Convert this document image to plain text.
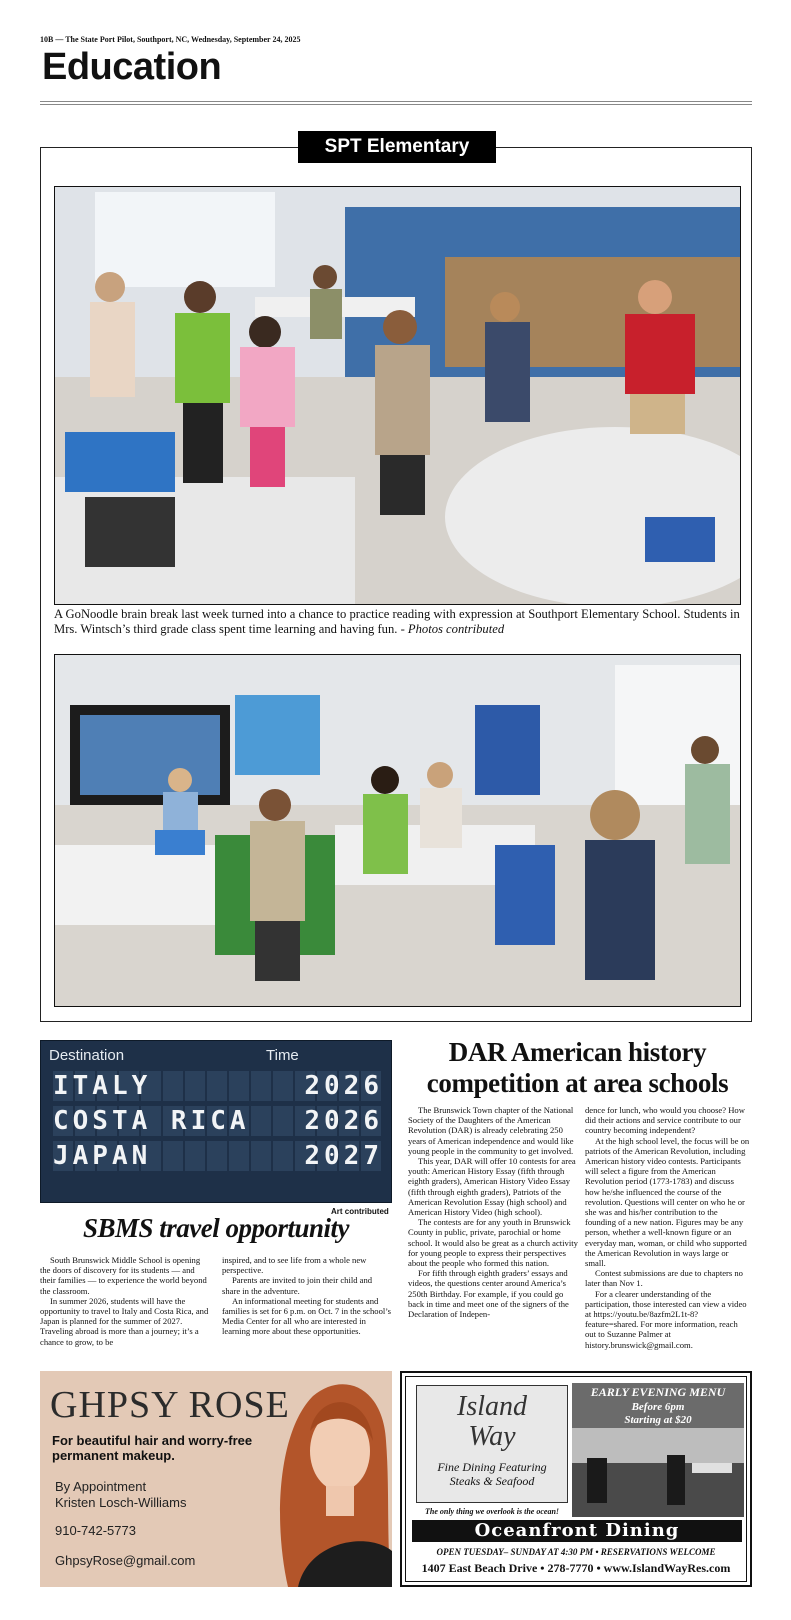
10B — The State Port Pilot, Southport, NC, Wednesday, September 24, 2025
Education
SPT Elementary
A GoNoodle brain break last week turned into a chance to practice reading with expression at Southport Elementary School. Students in Mrs. Wintsch’s third grade class spent time learning and having fun. - Photos contributed
Destination	Time
ITALY	2026
COSTA RICA 2026
JAPAN	2027
Art contributed
SBMS travel opportunity

South Brunswick Middle School is opening the doors of discovery for its students — and their families — to experience the world beyond the classroom.

In summer 2026, students will have the opportunity to travel to Italy and Costa Rica, and Japan is planned for the summer of 2027. Traveling abroad is more than a journey; it’s a chance to grow, to be

inspired, and to see life from a whole new perspective.

Parents are invited to join their child and share in the adventure.

An informational meeting for students and families is set for 6 p.m. on Oct. 7 in the school’s Media Center for all who are interested in learning more about these opportunities.

DAR American history competition at area schools

The Brunswick Town chapter of the National Society of the Daughters of the American Revolution (DAR) is already celebrating 250 years of American independence and would like young people in the community to get involved.

This year, DAR will offer 10 contests for area youth: American History Essay (fifth through eighth graders), American History Video Essay (fifth through eighth graders), Patriots of the American Revolution Essay (high school) and American History Video (high school).

The contests are for any youth in Brunswick County in public, private, parochial or home school. It would also be great as a church activity for young people to express their perspectives about the people who formed this nation.

For fifth through eighth graders’ essays and videos, the questions center around America’s 250th Birthday. For example, if you could go back in time and meet one of the signers of the Declaration of Indepen-

dence for lunch, who would you choose? How did their actions and service contribute to our country becoming independent?

At the high school level, the focus will be on patriots of the American Revolution, including American history video contests. Participants will select a figure from the American Revolution period (1773-1783) and discuss how he/she influenced the course of the revolution. Questions will center on who he or she was and his/her contribution to the founding of a new nation. Figures may be any person, whether a well-known figure or an everyday man, woman, or child who supported the American Revolution in ways large or small.

Contest submissions are due to chapters no later than Nov 1.

For a clearer understanding of the participation, those interested can view a video at https://youtu.be/8azfm2L1t-8?feature=shared. For more information, reach out to Suzanne Palmer at history.brunswick@gmail.com.

GHPSY ROSE
For beautiful hair and worry-free permanent makeup.
By Appointment
Kristen Losch-Williams
910-742-5773
GhpsyRose@gmail.com
Island
Way
Fine Dining Featuring
Steaks & Seafood
The only thing we overlook is the ocean!
EARLY EVENING MENU
Before 6pm
Starting at $20
Oceanfront Dining
OPEN TUESDAY– SUNDAY AT 4:30 PM • RESERVATIONS WELCOME
1407 East Beach Drive • 278-7770 • www.IslandWayRes.com
